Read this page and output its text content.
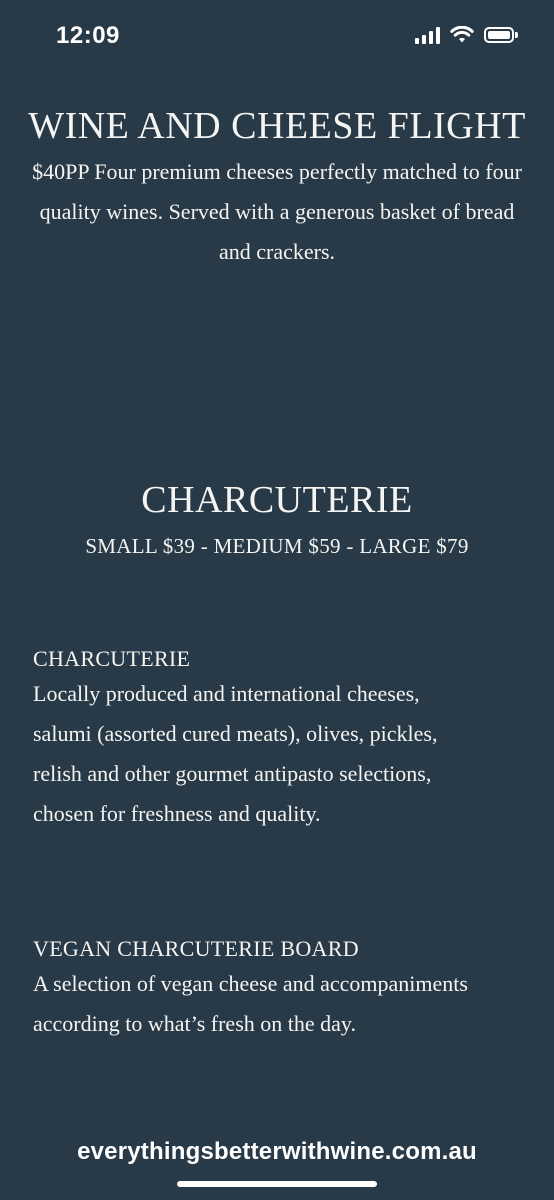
12:09
WINE AND CHEESE FLIGHT

$40PP Four premium cheeses perfectly matched to four quality wines. Served with a generous basket of bread and crackers.

CHARCUTERIE
SMALL $39 - MEDIUM $59 - LARGE $79
CHARCUTERIE

Locally produced and international cheeses, salumi (assorted cured meats), olives, pickles, relish and other gourmet antipasto selections, chosen for freshness and quality.

VEGAN CHARCUTERIE BOARD

A selection of vegan cheese and accompaniments according to what’s fresh on the day.

everythingsbetterwithwine.com.au
